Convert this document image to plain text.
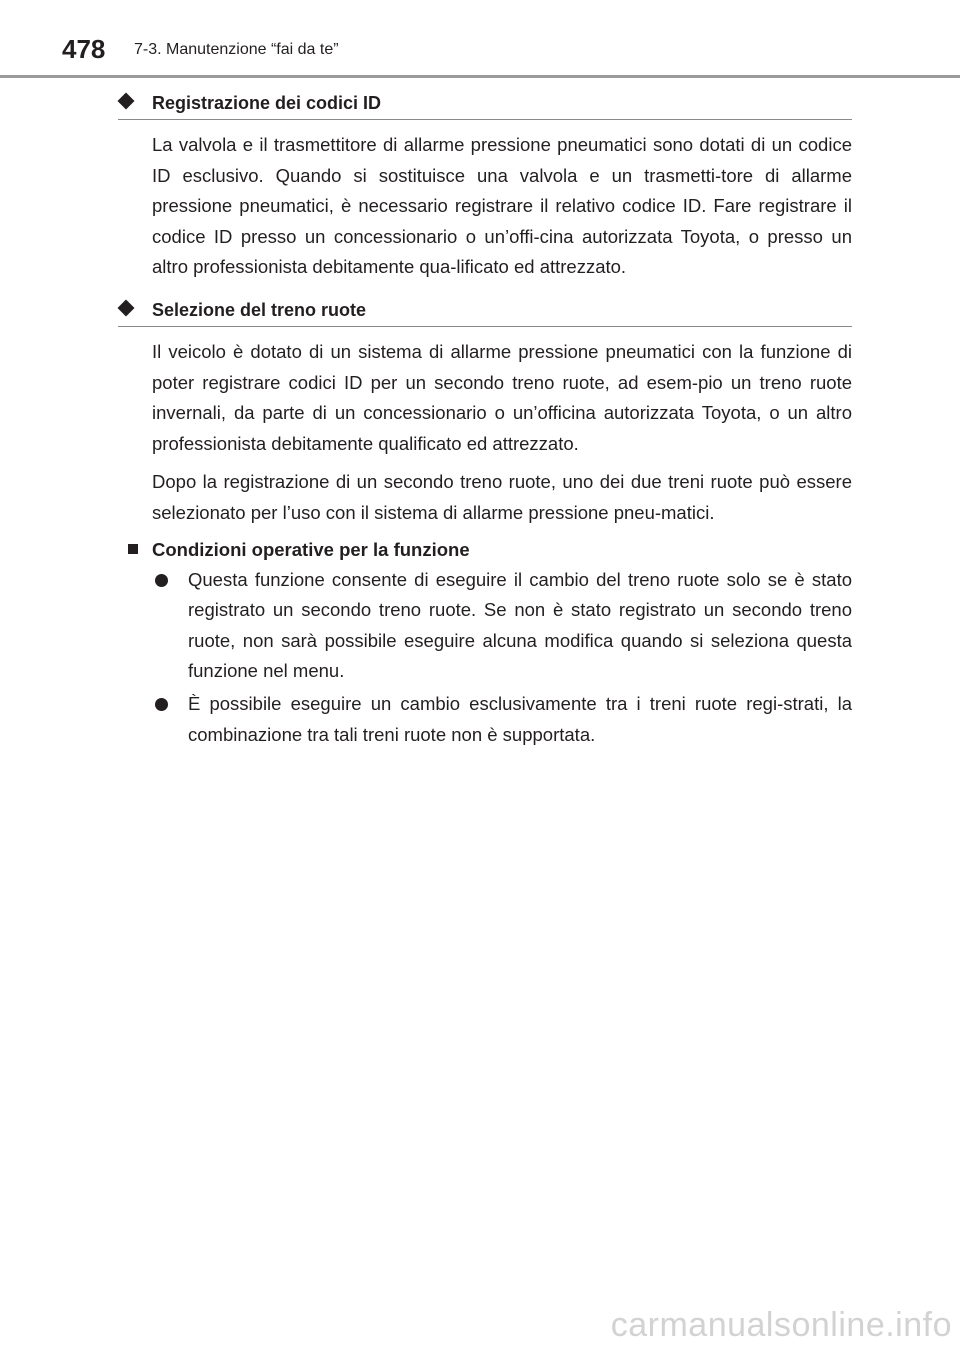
478 7-3. Manutenzione “fai da te”
Registrazione dei codici ID

La valvola e il trasmettitore di allarme pressione pneumatici sono dotati di un codice ID esclusivo. Quando si sostituisce una valvola e un trasmetti-tore di allarme pressione pneumatici, è necessario registrare il relativo codice ID. Fare registrare il codice ID presso un concessionario o un’offi-cina autorizzata Toyota, o presso un altro professionista debitamente qua-lificato ed attrezzato.

Selezione del treno ruote

Il veicolo è dotato di un sistema di allarme pressione pneumatici con la funzione di poter registrare codici ID per un secondo treno ruote, ad esem-pio un treno ruote invernali, da parte di un concessionario o un’officina autorizzata Toyota, o un altro professionista debitamente qualificato ed attrezzato.

Dopo la registrazione di un secondo treno ruote, uno dei due treni ruote può essere selezionato per l’uso con il sistema di allarme pressione pneu-matici.

Condizioni operative per la funzione

Questa funzione consente di eseguire il cambio del treno ruote solo se è stato registrato un secondo treno ruote. Se non è stato registrato un secondo treno ruote, non sarà possibile eseguire alcuna modifica quando si seleziona questa funzione nel menu.

È possibile eseguire un cambio esclusivamente tra i treni ruote regi-strati, la combinazione tra tali treni ruote non è supportata.

carmanualsonline.info
